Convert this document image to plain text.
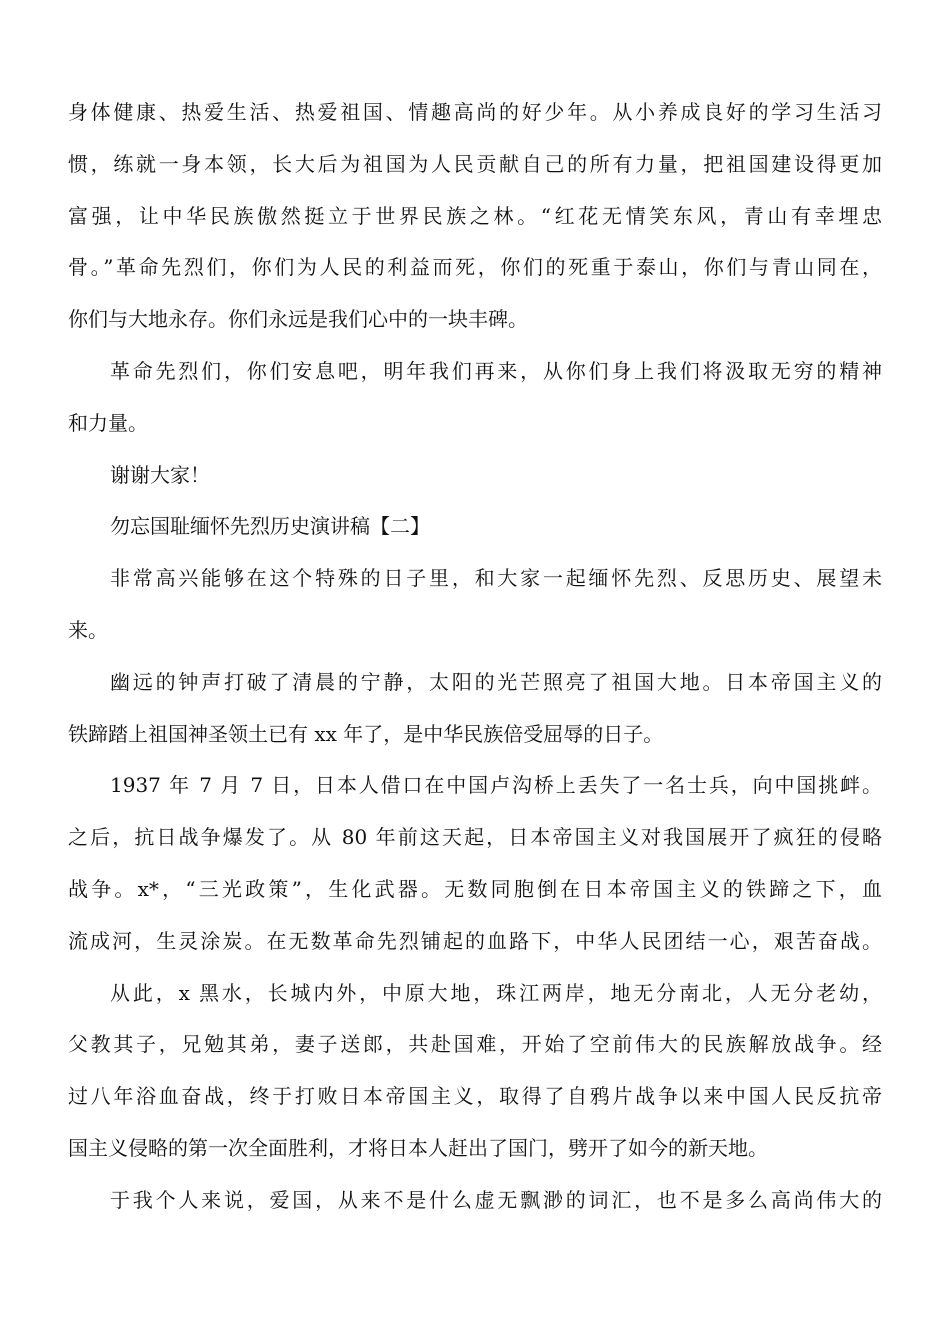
身体健康、热爱生活、热爱祖国、情趣高尚的好少年。从小养成良好的学习生活习
惯，练就一身本领，长大后为祖国为人民贡献自己的所有力量，把祖国建设得更加
富强，让中华民族傲然挺立于世界民族之林。“红花无情笑东风，青山有幸埋忠
骨。”革命先烈们，你们为人民的利益而死，你们的死重于泰山，你们与青山同在，
你们与大地永存。你们永远是我们心中的一块丰碑。
革命先烈们，你们安息吧，明年我们再来，从你们身上我们将汲取无穷的精神
和力量。
谢谢大家！
勿忘国耻缅怀先烈历史演讲稿【二】
非常高兴能够在这个特殊的日子里，和大家一起缅怀先烈、反思历史、展望未
来。
幽远的钟声打破了清晨的宁静，太阳的光芒照亮了祖国大地。日本帝国主义的
铁蹄踏上祖国神圣领土已有 xx 年了，是中华民族倍受屈辱的日子。
1937 年 7 月 7 日，日本人借口在中国卢沟桥上丢失了一名士兵，向中国挑衅。
之后，抗日战争爆发了。从 80 年前这天起，日本帝国主义对我国展开了疯狂的侵略
战争。x*，“三光政策”，生化武器。无数同胞倒在日本帝国主义的铁蹄之下，血
流成河，生灵涂炭。在无数革命先烈铺起的血路下，中华人民团结一心，艰苦奋战。
从此，x 黑水，长城内外，中原大地，珠江两岸，地无分南北，人无分老幼，
父教其子，兄勉其弟，妻子送郎，共赴国难，开始了空前伟大的民族解放战争。经
过八年浴血奋战，终于打败日本帝国主义，取得了自鸦片战争以来中国人民反抗帝
国主义侵略的第一次全面胜利，才将日本人赶出了国门，劈开了如今的新天地。
于我个人来说，爱国，从来不是什么虚无飘渺的词汇，也不是多么高尚伟大的
